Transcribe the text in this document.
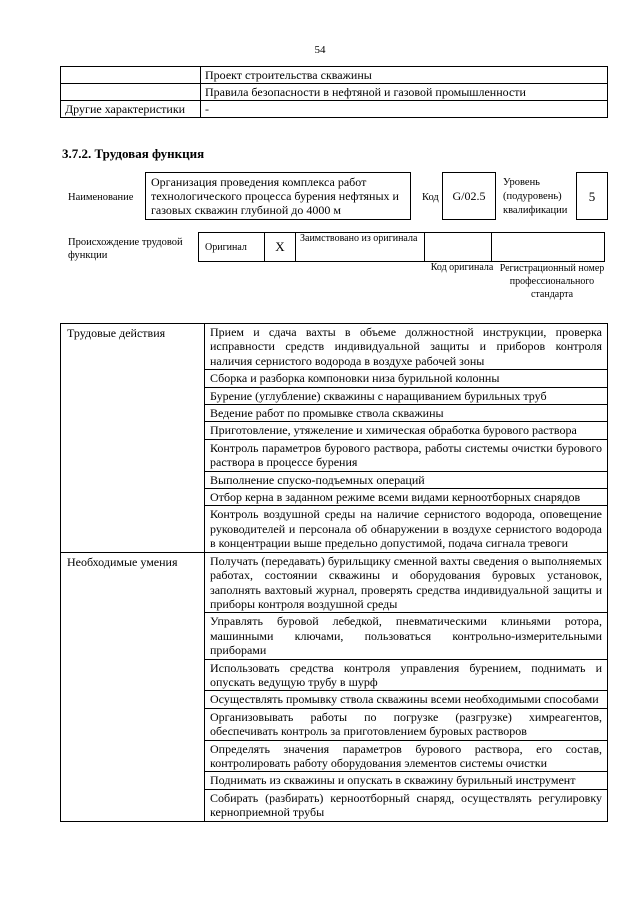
54
	Проект строительства скважины
	Правила безопасности в нефтяной и газовой промышленности
Другие характеристики	-
3.7.2. Трудовая функция
Наименование
Организация проведения комплекса работ технологического процесса бурения нефтяных и газовых скважин глубиной до 4000 м
Код	G/02.5
Уровень (подуровень) квалификации
5
Происхождение трудовой функции
Оригинал	X	Заимствовано из оригинала		
Код оригинала Регистрационный номер профессионального стандарта
Трудовые действия	Прием и сдача вахты в объеме должностной инструкции, проверка исправности средств индивидуальной защиты и приборов контроля наличия сернистого водорода в воздухе рабочей зоны
	Сборка и разборка компоновки низа бурильной колонны
	Бурение (углубление) скважины с наращиванием бурильных труб
	Ведение работ по промывке ствола скважины
	Приготовление, утяжеление и химическая обработка бурового раствора
	Контроль параметров бурового раствора, работы системы очистки бурового раствора в процессе бурения
	Выполнение спуско-подъемных операций
	Отбор керна в заданном режиме всеми видами керноотборных снарядов
	Контроль воздушной среды на наличие сернистого водорода, оповещение руководителей и персонала об обнаружении в воздухе сернистого водорода в концентрации выше предельно допустимой, подача сигнала тревоги
Необходимые умения	Получать (передавать) бурильщику сменной вахты сведения о выполняемых работах, состоянии скважины и оборудования буровых установок, заполнять вахтовый журнал, проверять средства индивидуальной защиты и приборы контроля воздушной среды
	Управлять буровой лебедкой, пневматическими клиньями ротора, машинными ключами, пользоваться контрольно-измерительными приборами
	Использовать средства контроля управления бурением, поднимать и опускать ведущую трубу в шурф
	Осуществлять промывку ствола скважины всеми необходимыми способами
	Организовывать работы по погрузке (разгрузке) химреагентов, обеспечивать контроль за приготовлением буровых растворов
	Определять значения параметров бурового раствора, его состав, контролировать работу оборудования элементов системы очистки
	Поднимать из скважины и опускать в скважину бурильный инструмент
	Собирать (разбирать) керноотборный снаряд, осуществлять регулировку керноприемной трубы
